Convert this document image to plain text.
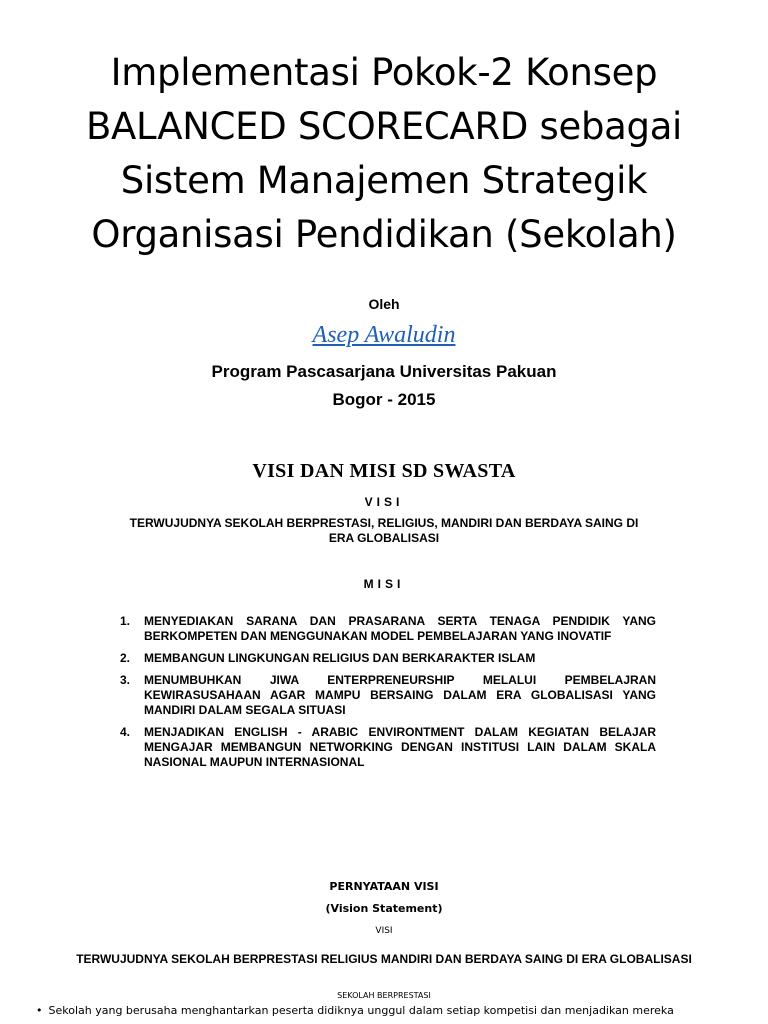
Implementasi Pokok-2 Konsep
BALANCED SCORECARD sebagai
Sistem Manajemen Strategik
Organisasi Pendidikan (Sekolah)
Oleh
Asep Awaludin
Program Pascasarjana Universitas Pakuan
Bogor - 2015
VISI DAN MISI SD SWASTA
VISI
TERWUJUDNYA SEKOLAH BERPRESTASI, RELIGIUS, MANDIRI DAN BERDAYA SAING DI ERA GLOBALISASI
MISI
1.	MENYEDIAKAN SARANA DAN PRASARANA SERTA TENAGA PENDIDIK YANG BERKOMPETEN DAN MENGGUNAKAN MODEL PEMBELAJARAN YANG INOVATIF
2.	MEMBANGUN LINGKUNGAN RELIGIUS DAN BERKARAKTER ISLAM
3.	MENUMBUHKAN JIWA ENTERPRENEURSHIP MELALUI PEMBELAJRAN KEWIRASUSAHAAN AGAR MAMPU BERSAING DALAM ERA GLOBALISASI YANG MANDIRI DALAM SEGALA SITUASI
4.	MENJADIKAN ENGLISH - ARABIC ENVIRONTMENT DALAM KEGIATAN BELAJAR MENGAJAR MEMBANGUN NETWORKING DENGAN INSTITUSI LAIN DALAM SKALA NASIONAL MAUPUN INTERNASIONAL
PERNYATAAN VISI
(Vision Statement)
VISI
TERWUJUDNYA SEKOLAH BERPRESTASI RELIGIUS MANDIRI DAN BERDAYA SAING DI ERA GLOBALISASI
SEKOLAH BERPRESTASI
• Sekolah yang berusaha menghantarkan peserta didiknya unggul dalam setiap kompetisi dan menjadikan mereka
